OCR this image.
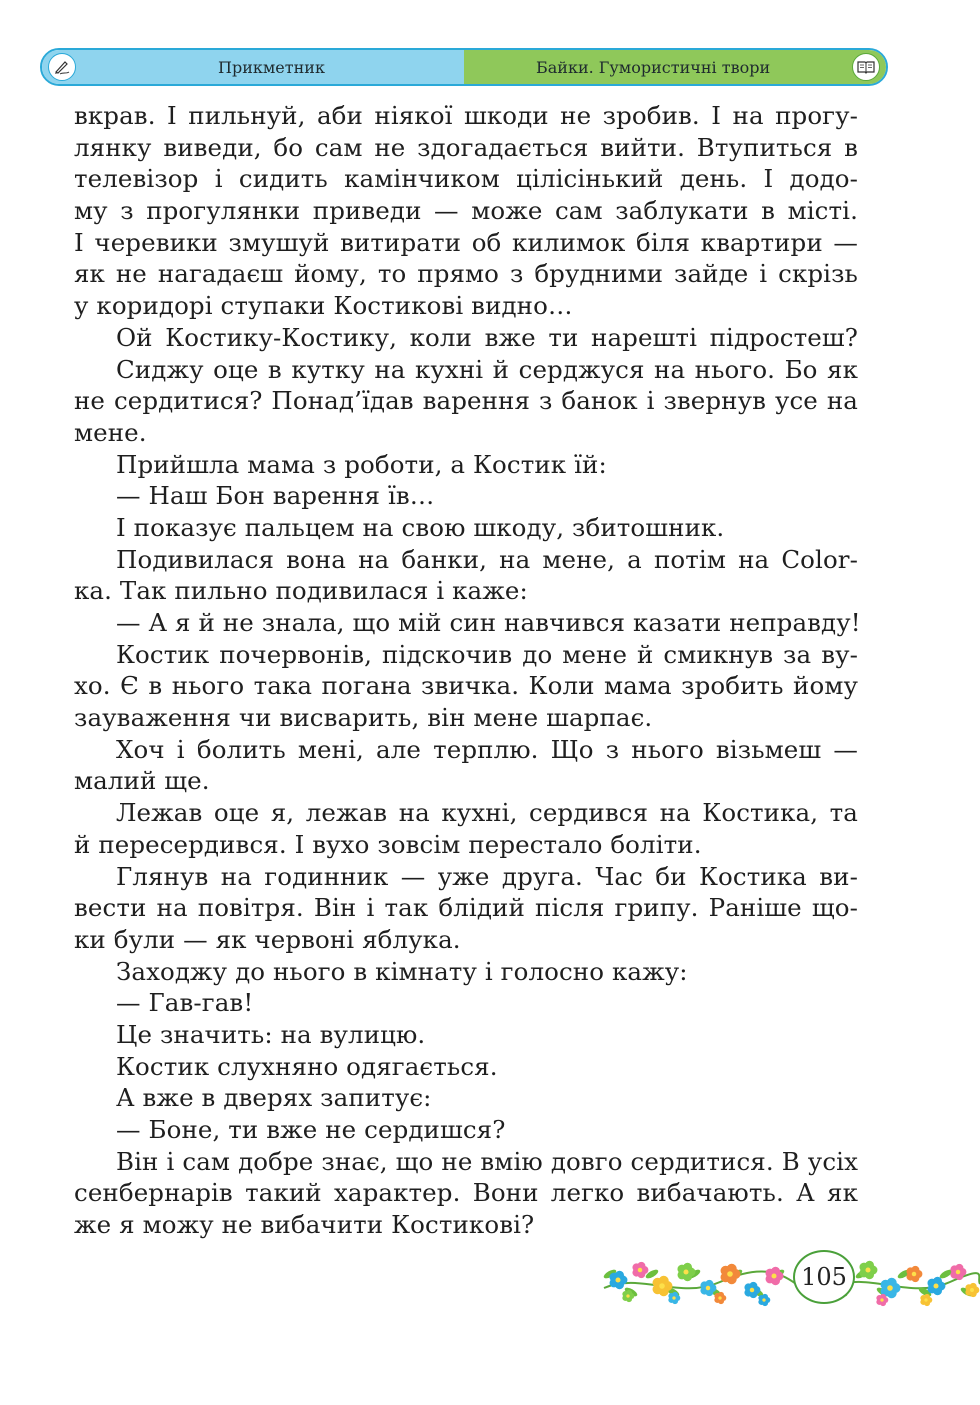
Прикметник	Байки. Гумористичні твори
вкрав. І пильнуй, аби ніякої шкоди не зробив. І на прогу-
лянку виведи, бо сам не здогадається вийти. Втупиться в
телевізор і сидить камінчиком цілісінький день. І додо-
му з прогулянки приведи — може сам заблукати в місті.
І черевики змушуй витирати об килимок біля квартири —
як не нагадаєш йому, то прямо з брудними зайде і скрізь
у коридорі ступаки Костикові видно…
Ой Костику-Костику, коли вже ти нарешті підростеш?
Сиджу оце в кутку на кухні й серджуся на нього. Бо як
не сердитися? Понад’їдав варення з банок і звернув усе на
мене.
Прийшла мама з роботи, а Костик їй:
— Наш Бон варення їв…
І показує пальцем на свою шкоду, збитошник.
Подивилася вона на банки, на мене, а потім на Color-
ка. Так пильно подивилася і каже:
— А я й не знала, що мій син навчився казати неправду!
Костик почервонів, підскочив до мене й смикнув за ву-
хо. Є в нього така погана звичка. Коли мама зробить йому
зауваження чи висварить, він мене шарпає.
Хоч і болить мені, але терплю. Що з нього візьмеш —
малий ще.
Лежав оце я, лежав на кухні, сердився на Костика, та
й пересердився. І вухо зовсім перестало боліти.
Глянув на годинник — уже друга. Час би Костика ви-
вести на повітря. Він і так блідий після грипу. Раніше що-
ки були — як червоні яблука.
Заходжу до нього в кімнату і голосно кажу:
— Гав-гав!
Це значить: на вулицю.
Костик слухняно одягається.
А вже в дверях запитує:
— Боне, ти вже не сердишся?
Він і сам добре знає, що не вмію довго сердитися. В усіх
сенбернарів такий характер. Вони легко вибачають. А як
же я можу не вибачити Костикові?
105
